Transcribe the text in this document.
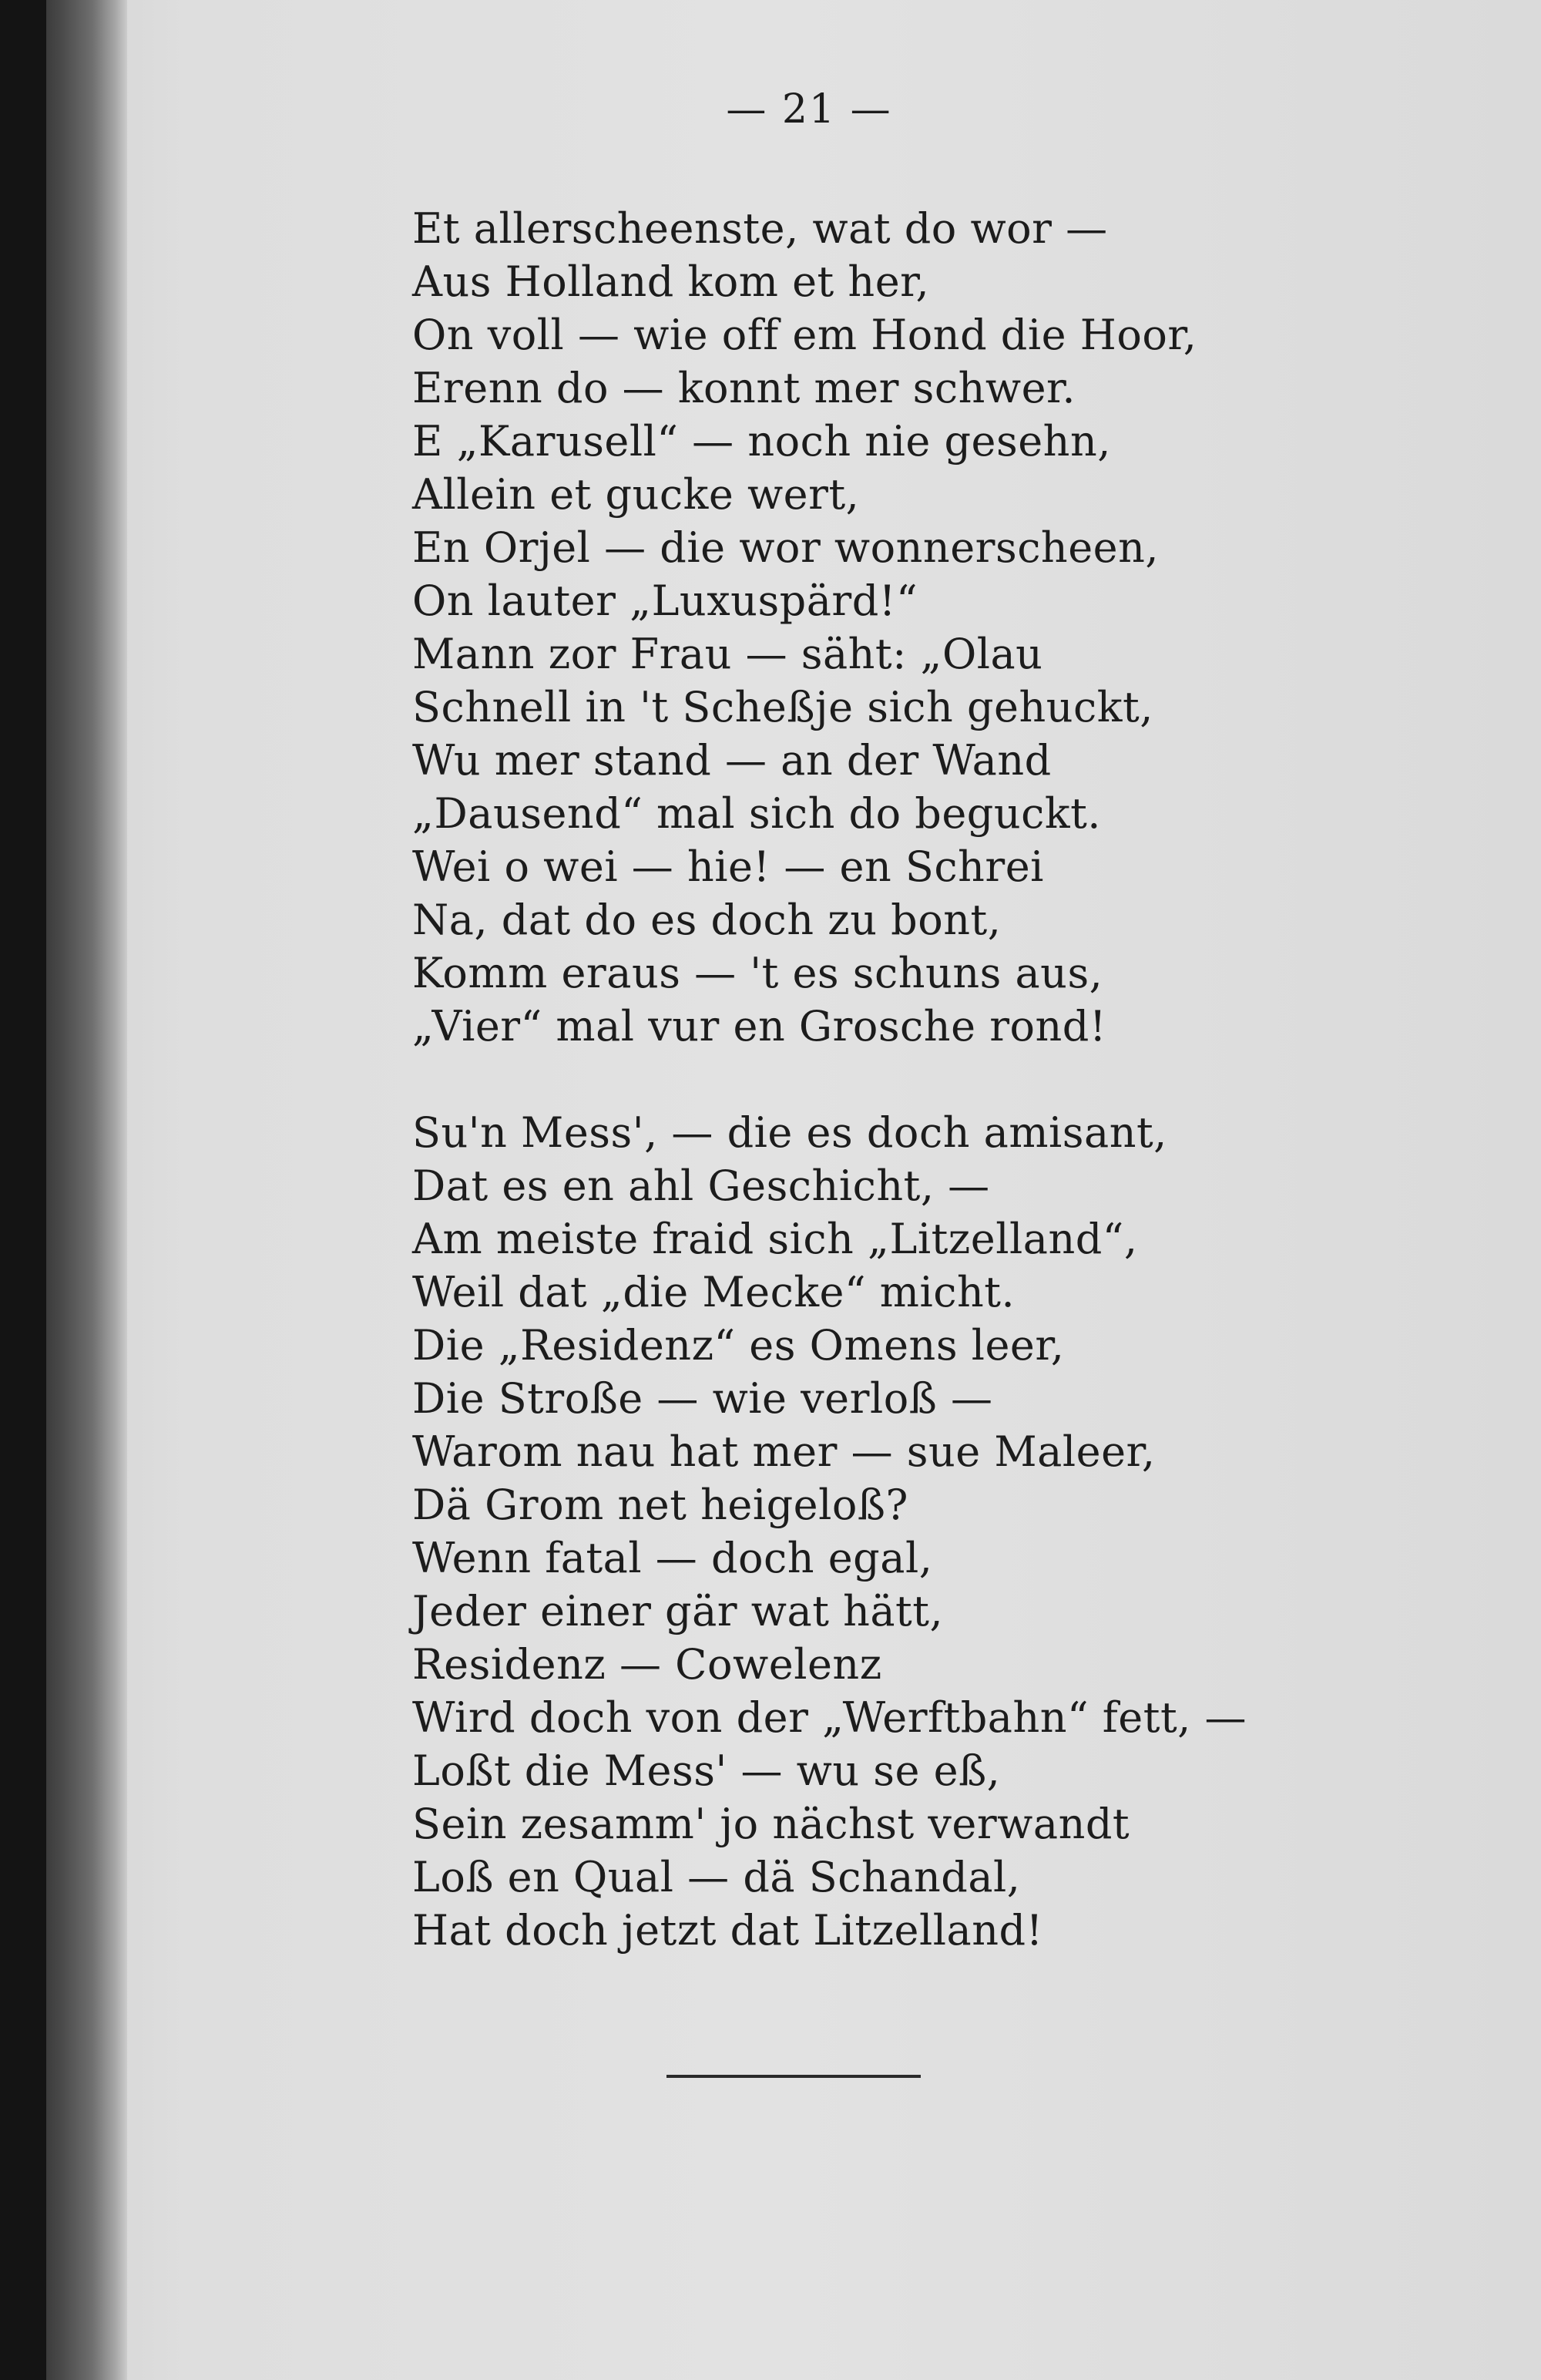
— 21 —
Et allerscheenste, wat do wor —
Aus Holland kom et her,
On voll — wie off em Hond die Hoor,
Erenn do — konnt mer schwer.
E „Karusell“ — noch nie gesehn,
Allein et gucke wert,
En Orjel — die wor wonnerscheen,
On lauter „Luxuspärd!“
Mann zor Frau — säht: „Olau
Schnell in 't Scheßje sich gehuckt,
Wu mer stand — an der Wand
„Dausend“ mal sich do beguckt.
Wei o wei — hie! — en Schrei
Na, dat do es doch zu bont,
Komm eraus — 't es schuns aus,
„Vier“ mal vur en Grosche rond!
Su'n Mess', — die es doch amisant,
Dat es en ahl Geschicht, —
Am meiste fraid sich „Litzelland“,
Weil dat „die Mecke“ micht.
Die „Residenz“ es Omens leer,
Die Stroße — wie verloß —
Warom nau hat mer — sue Maleer,
Dä Grom net heigeloß?
Wenn fatal — doch egal,
Jeder einer gär wat hätt,
Residenz — Cowelenz
Wird doch von der „Werftbahn“ fett, —
Loßt die Mess' — wu se eß,
Sein zesamm' jo nächst verwandt
Loß en Qual — dä Schandal,
Hat doch jetzt dat Litzelland!
